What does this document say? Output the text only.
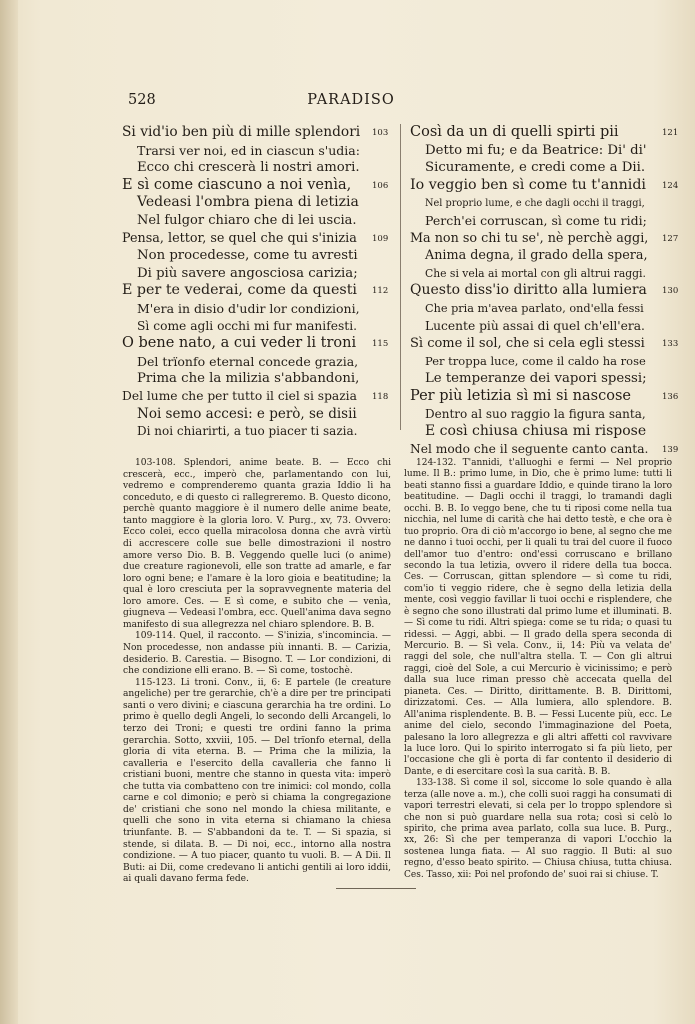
528	PARADISO
Si vid'io ben più di mille splendori 103
Trarsi ver noi, ed in ciascun s'udia:
Ecco chi crescerà li nostri amori.
E sì come ciascuno a noi venìa, 106
Vedeasi l'ombra piena di letizia
Nel fulgor chiaro che di lei uscia.
Pensa, lettor, se quel che qui s'inizia 109
Non procedesse, come tu avresti
Di più savere angosciosa carizia;
E per te vederai, come da questi 112
M'era in disio d'udir lor condizioni,
Sì come agli occhi mi fur manifesti.
O bene nato, a cui veder li troni 115
Del trïonfo eternal concede grazia,
Prima che la milizia s'abbandoni,
Del lume che per tutto il ciel si spazia 118
Noi semo accesi: e però, se disii
Di noi chiarirti, a tuo piacer ti sazia.
Così da un di quelli spirti pii	121
Detto mi fu; e da Beatrice: Di' di'
Sicuramente, e credi come a Dii.
Io veggio ben sì come tu t'annidi 124
Nel proprio lume, e che dagli occhi il traggi,
Perch'ei corruscan, sì come tu ridi;
Ma non so chi tu se', nè perchè aggi, 127
Anima degna, il grado della spera,
Che si vela ai mortal con gli altrui raggi.
Questo diss'io diritto alla lumiera 130
Che pria m'avea parlato, ond'ella fessi
Lucente più assai di quel ch'ell'era.
Sì come il sol, che si cela egli stessi 133
Per troppa luce, come il caldo ha rose
Le temperanze dei vapori spessi;
Per più letizia sì mi si nascose	136
Dentro al suo raggio la figura santa,
E così chiusa chiusa mi rispose
Nel modo che il seguente canto canta. 139

103-108. Splendori, anime beate. B. — Ecco chi crescerà, ecc., imperò che, parlamentando con lui, vedremo e comprenderemo quanta grazia Iddio li ha conceduto, e di questo ci rallegreremo. B. Questo dicono, perchè quanto maggiore è il numero delle anime beate, tanto maggiore è la gloria loro. V. Purg., xv, 73. Ovvero: Ecco colei, ecco quella miracolosa donna che avrà virtù di accrescere colle sue belle dimostrazioni il nostro amore verso Dio. B. B. Veggendo quelle luci (o anime) due creature ragionevoli, elle son tratte ad amarle, e far loro ogni bene; e l'amare è la loro gioia e beatitudine; la qual è loro cresciuta per la sopravvegnente materia del loro amore. Ces. — E sì come, e subito che — venìa, giugneva — Vedeasi l'ombra, ecc. Quell'anima dava segno manifesto di sua allegrezza nel chiaro splendore. B. B.

109-114. Quel, il racconto. — S'inizia, s'incomincia. — Non procedesse, non andasse più innanti. B. — Carizia, desiderio. B. Carestia. — Bisogno. T. — Lor condizioni, di che condizione elli erano. B. — Sì come, tostochè.

115-123. Li troni. Conv., ii, 6: E partele (le creature angeliche) per tre gerarchie, ch'è a dire per tre principati santi o vero divini; e ciascuna gerarchia ha tre ordini. Lo primo è quello degli Angeli, lo secondo delli Arcangeli, lo terzo dei Troni; e questi tre ordini fanno la prima gerarchia. Sotto, xxviii, 105. — Del trïonfo eternal, della gloria di vita eterna. B. — Prima che la milizia, la cavalleria e l'esercito della cavalleria che fanno li cristiani buoni, mentre che stanno in questa vita: imperò che tutta via combatteno con tre inimici: col mondo, colla carne e col dimonio; e però si chiama la congregazione de' cristiani che sono nel mondo la chiesa militante, e quelli che sono in vita eterna si chiamano la chiesa triunfante. B. — S'abbandoni da te. T. — Si spazia, si stende, si dilata. B. — Di noi, ecc., intorno alla nostra condizione. — A tuo piacer, quanto tu vuoli. B. — A Dii. Il Buti: ai Dii, come credevano li antichi gentili ai loro iddii, ai quali davano ferma fede.

124-132. T'annidi, t'alluoghi e fermi — Nel proprio lume. Il B.: primo lume, in Dio, che è primo lume: tutti li beati stanno fissi a guardare Iddio, e quinde tirano la loro beatitudine. — Dagli occhi il traggi, lo tramandi dagli occhi. B. B. Io veggo bene, che tu ti riposi come nella tua nicchia, nel lume di carità che hai detto testè, e che ora è tuo proprio. Ora di ciò m'accorgo io bene, al segno che me ne danno i tuoi occhi, per li quali tu trai del cuore il fuoco dell'amor tuo d'entro: ond'essi corruscano e brillano secondo la tua letizia, ovvero il ridere della tua bocca. Ces. — Corruscan, gittan splendore — sì come tu ridi, com'io ti veggio ridere, che è segno della letizia della mente, così veggio favillar li tuoi occhi e risplendere, che è segno che sono illustrati dal primo lume et illuminati. B. — Sì come tu ridi. Altri spiega: come se tu rida; o quasi tu ridessi. — Aggi, abbi. — Il grado della spera seconda di Mercurio. B. — Sì vela. Conv., ii, 14: Più va velata de' raggi del sole, che null'altra stella. T. — Con gli altrui raggi, cioè del Sole, a cui Mercurio è vicinissimo; e però dalla sua luce riman presso chè accecata quella del pianeta. Ces. — Diritto, dirittamente. B. B. Dirittomi, dirizzatomi. Ces. — Alla lumiera, allo splendore. B. All'anima risplendente. B. B. — Fessi Lucente più, ecc. Le anime del cielo, secondo l'immaginazione del Poeta, palesano la loro allegrezza e gli altri affetti col ravvivare la luce loro. Qui lo spirito interrogato si fa più lieto, per l'occasione che gli è porta di far contento il desiderio di Dante, e di esercitare così la sua carità. B. B.

133-138. Sì come il sol, siccome lo sole quando è alla terza (alle nove a. m.), che colli suoi raggi ha consumati di vapori terrestri elevati, si cela per lo troppo splendore sì che non si può guardare nella sua rota; così si celò lo spirito, che prima avea parlato, colla sua luce. B. Purg., xx, 26: Sì che per temperanza di vapori L'occhio la sostenea lunga fiata. — Al suo raggio. Il Buti: al suo regno, d'esso beato spirito. — Chiusa chiusa, tutta chiusa. Ces. Tasso, xii: Poi nel profondo de' suoi rai si chiuse. T.
